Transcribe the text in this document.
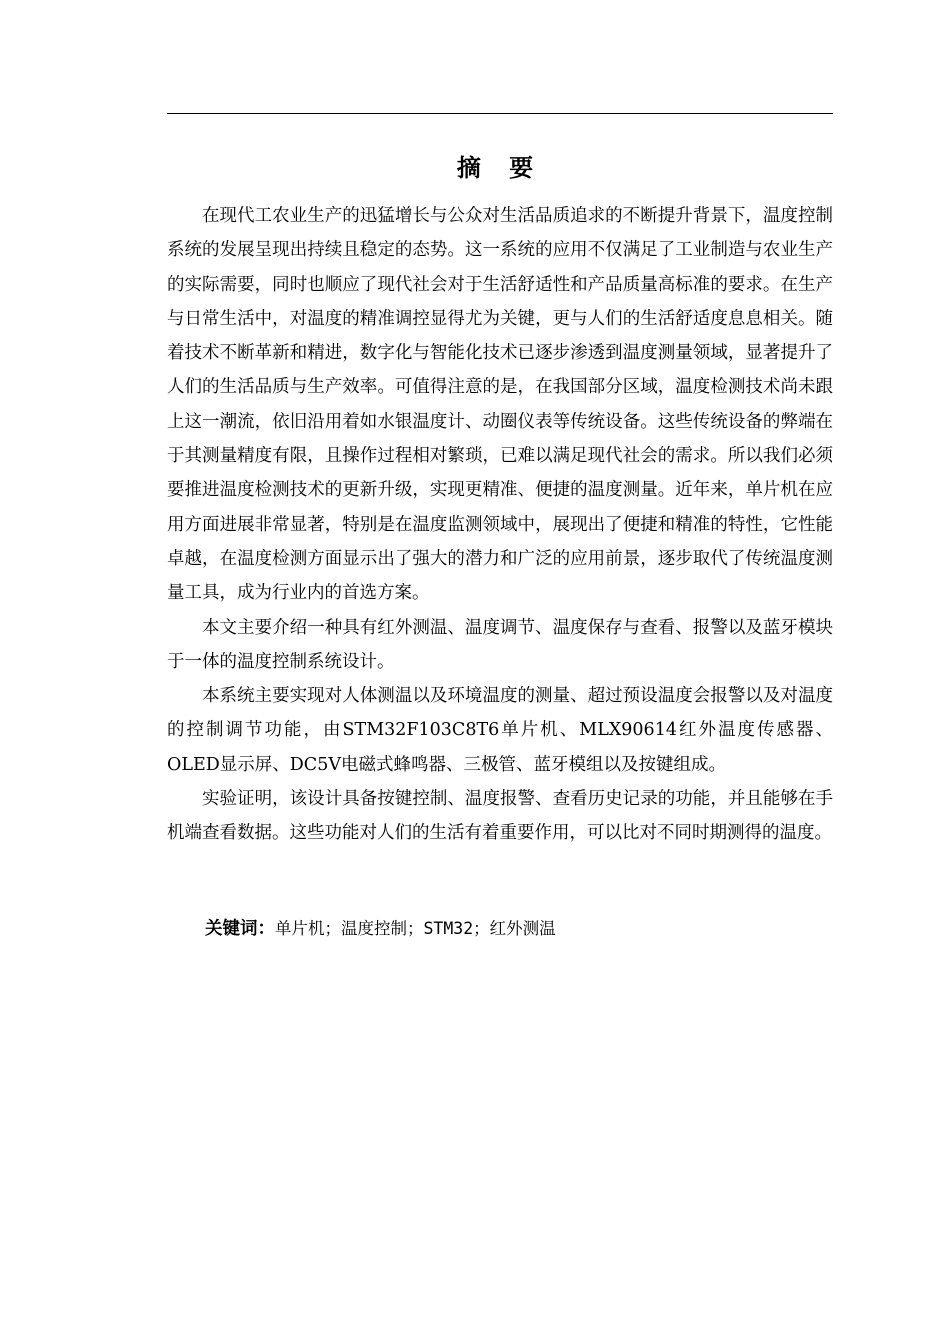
摘 要

在现代工农业生产的迅猛增长与公众对生活品质追求的不断提升背景下，温度控制系统的发展呈现出持续且稳定的态势。这一系统的应用不仅满足了工业制造与农业生产的实际需要，同时也顺应了现代社会对于生活舒适性和产品质量高标准的要求。在生产与日常生活中，对温度的精准调控显得尤为关键，更与人们的生活舒适度息息相关。随着技术不断革新和精进，数字化与智能化技术已逐步渗透到温度测量领域，显著提升了人们的生活品质与生产效率。可值得注意的是，在我国部分区域，温度检测技术尚未跟上这一潮流，依旧沿用着如水银温度计、动圈仪表等传统设备。这些传统设备的弊端在于其测量精度有限，且操作过程相对繁琐，已难以满足现代社会的需求。所以我们必须要推进温度检测技术的更新升级，实现更精准、便捷的温度测量。近年来，单片机在应用方面进展非常显著，特别是在温度监测领域中，展现出了便捷和精准的特性，它性能卓越，在温度检测方面显示出了强大的潜力和广泛的应用前景，逐步取代了传统温度测量工具，成为行业内的首选方案。

本文主要介绍一种具有红外测温、温度调节、温度保存与查看、报警以及蓝牙模块于一体的温度控制系统设计。

本系统主要实现对人体测温以及环境温度的测量、超过预设温度会报警以及对温度的控制调节功能，由STM32F103C8T6单片机、MLX90614红外温度传感器、OLED显示屏、DC5V电磁式蜂鸣器、三极管、蓝牙模组以及按键组成。

实验证明，该设计具备按键控制、温度报警、查看历史记录的功能，并且能够在手机端查看数据。这些功能对人们的生活有着重要作用，可以比对不同时期测得的温度。

关键词：单片机；温度控制；STM32；红外测温
